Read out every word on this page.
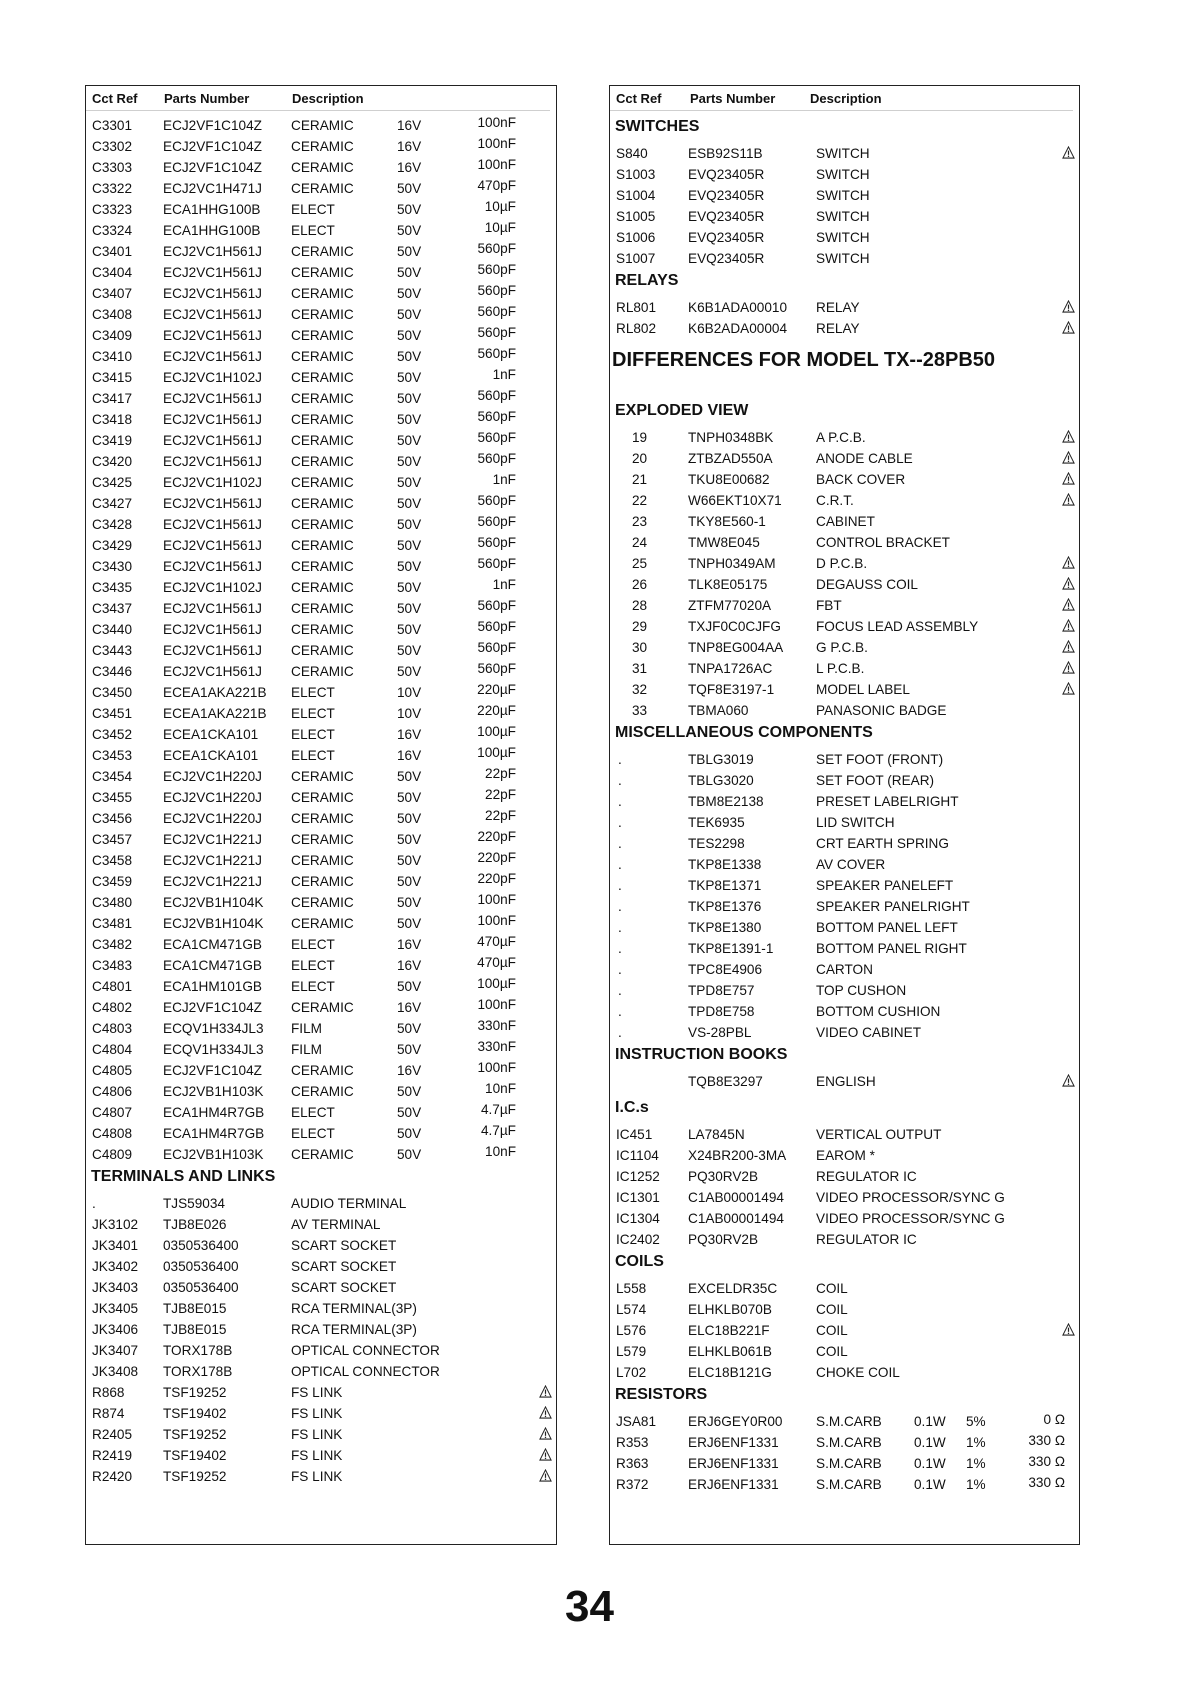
Cct Ref	Parts Number	Description
C3301 ECJ2VF1C104Z CERAMIC	16V	100nF
C3302 ECJ2VF1C104Z CERAMIC	16V	100nF
C3303 ECJ2VF1C104Z CERAMIC	16V	100nF
C3322 ECJ2VC1H471J CERAMIC	50V	470pF
C3323 ECA1HHG100B ELECT	50V	10µF
C3324 ECA1HHG100B ELECT	50V	10µF
C3401 ECJ2VC1H561J CERAMIC	50V	560pF
C3404 ECJ2VC1H561J CERAMIC	50V	560pF
C3407 ECJ2VC1H561J CERAMIC	50V	560pF
C3408 ECJ2VC1H561J CERAMIC	50V	560pF
C3409 ECJ2VC1H561J CERAMIC	50V	560pF
C3410 ECJ2VC1H561J CERAMIC	50V	560pF
C3415 ECJ2VC1H102J CERAMIC	50V	1nF
C3417 ECJ2VC1H561J CERAMIC	50V	560pF
C3418 ECJ2VC1H561J CERAMIC	50V	560pF
C3419 ECJ2VC1H561J CERAMIC	50V	560pF
C3420 ECJ2VC1H561J CERAMIC	50V	560pF
C3425 ECJ2VC1H102J CERAMIC	50V	1nF
C3427 ECJ2VC1H561J CERAMIC	50V	560pF
C3428 ECJ2VC1H561J CERAMIC	50V	560pF
C3429 ECJ2VC1H561J CERAMIC	50V	560pF
C3430 ECJ2VC1H561J CERAMIC	50V	560pF
C3435 ECJ2VC1H102J CERAMIC	50V	1nF
C3437 ECJ2VC1H561J CERAMIC	50V	560pF
C3440 ECJ2VC1H561J CERAMIC	50V	560pF
C3443 ECJ2VC1H561J CERAMIC	50V	560pF
C3446 ECJ2VC1H561J CERAMIC	50V	560pF
C3450 ECEA1AKA221B ELECT	10V	220µF
C3451 ECEA1AKA221B ELECT	10V	220µF
C3452 ECEA1CKA101 ELECT	16V	100µF
C3453 ECEA1CKA101 ELECT	16V	100µF
C3454 ECJ2VC1H220J CERAMIC	50V	22pF
C3455 ECJ2VC1H220J CERAMIC	50V	22pF
C3456 ECJ2VC1H220J CERAMIC	50V	22pF
C3457 ECJ2VC1H221J CERAMIC	50V	220pF
C3458 ECJ2VC1H221J CERAMIC	50V	220pF
C3459 ECJ2VC1H221J CERAMIC	50V	220pF
C3480 ECJ2VB1H104K CERAMIC	50V	100nF
C3481 ECJ2VB1H104K CERAMIC	50V	100nF
C3482 ECA1CM471GB ELECT	16V	470µF
C3483 ECA1CM471GB ELECT	16V	470µF
C4801 ECA1HM101GB ELECT	50V	100µF
C4802 ECJ2VF1C104Z CERAMIC	16V	100nF
C4803 ECQV1H334JL3 FILM	50V	330nF
C4804 ECQV1H334JL3 FILM	50V	330nF
C4805 ECJ2VF1C104Z CERAMIC	16V	100nF
C4806 ECJ2VB1H103K CERAMIC	50V	10nF
C4807 ECA1HM4R7GB ELECT	50V	4.7µF
C4808 ECA1HM4R7GB ELECT	50V	4.7µF
C4809 ECJ2VB1H103K CERAMIC	50V	10nF
TERMINALS AND LINKS
.	TJS59034	AUDIO TERMINAL
JK3102 TJB8E026	AV TERMINAL
JK3401 0350536400	SCART SOCKET
JK3402 0350536400	SCART SOCKET
JK3403 0350536400	SCART SOCKET
JK3405 TJB8E015	RCA TERMINAL(3P)
JK3406 TJB8E015	RCA TERMINAL(3P)
JK3407 TORX178B	OPTICAL CONNECTOR
JK3408 TORX178B	OPTICAL CONNECTOR
R868	TSF19252	FS LINK
R874	TSF19402	FS LINK
R2405 TSF19252	FS LINK
R2419 TSF19402	FS LINK
R2420 TSF19252	FS LINK
Cct Ref	Parts Number	Description
SWITCHES
S840	ESB92S11B	SWITCH
S1003 EVQ23405R	SWITCH
S1004 EVQ23405R	SWITCH
S1005 EVQ23405R	SWITCH
S1006 EVQ23405R	SWITCH
S1007 EVQ23405R	SWITCH
RELAYS
RL801 K6B1ADA00010 RELAY
RL802 K6B2ADA00004 RELAY
DIFFERENCES FOR MODEL TX--28PB50
EXPLODED VIEW
19	TNPH0348BK	A P.C.B.
20	ZTBZAD550A	ANODE CABLE
21	TKU8E00682	BACK COVER
22	W66EKT10X71	C.R.T.
23	TKY8E560-1	CABINET
24	TMW8E045	CONTROL BRACKET
25	TNPH0349AM	D P.C.B.
26	TLK8E05175	DEGAUSS COIL
28	ZTFM77020A	FBT
29	TXJF0C0CJFG	FOCUS LEAD ASSEMBLY
30	TNP8EG004AA G P.C.B.
31	TNPA1726AC	L P.C.B.
32	TQF8E3197-1	MODEL LABEL
33	TBMA060	PANASONIC BADGE
MISCELLANEOUS COMPONENTS
.	TBLG3019	SET FOOT (FRONT)
.	TBLG3020	SET FOOT (REAR)
.	TBM8E2138	PRESET LABELRIGHT
.	TEK6935	LID SWITCH
.	TES2298	CRT EARTH SPRING
.	TKP8E1338	AV COVER
.	TKP8E1371	SPEAKER PANELEFT
.	TKP8E1376	SPEAKER PANELRIGHT
.	TKP8E1380	BOTTOM PANEL LEFT
.	TKP8E1391-1	BOTTOM PANEL RIGHT
.	TPC8E4906	CARTON
.	TPD8E757	TOP CUSHON
.	TPD8E758	BOTTOM CUSHION
.	VS-28PBL	VIDEO CABINET
INSTRUCTION BOOKS
TQB8E3297	ENGLISH
I.C.s
IC451	LA7845N	VERTICAL OUTPUT
IC1104 X24BR200-3MA EAROM *
IC1252 PQ30RV2B	REGULATOR IC
IC1301 C1AB00001494 VIDEO PROCESSOR/SYNC G
IC1304 C1AB00001494 VIDEO PROCESSOR/SYNC G
IC2402 PQ30RV2B	REGULATOR IC
COILS
L558	EXCELDR35C	COIL
L574	ELHKLB070B	COIL
L576	ELC18B221F	COIL
L579	ELHKLB061B	COIL
L702	ELC18B121G	CHOKE COIL
RESISTORS
JSA81 ERJ6GEY0R00 S.M.CARB 0.1W 5%	0 Ω
R353	ERJ6ENF1331	S.M.CARB 0.1W 1%	330 Ω
R363	ERJ6ENF1331	S.M.CARB 0.1W 1%	330 Ω
R372	ERJ6ENF1331	S.M.CARB 0.1W 1%	330 Ω
34
